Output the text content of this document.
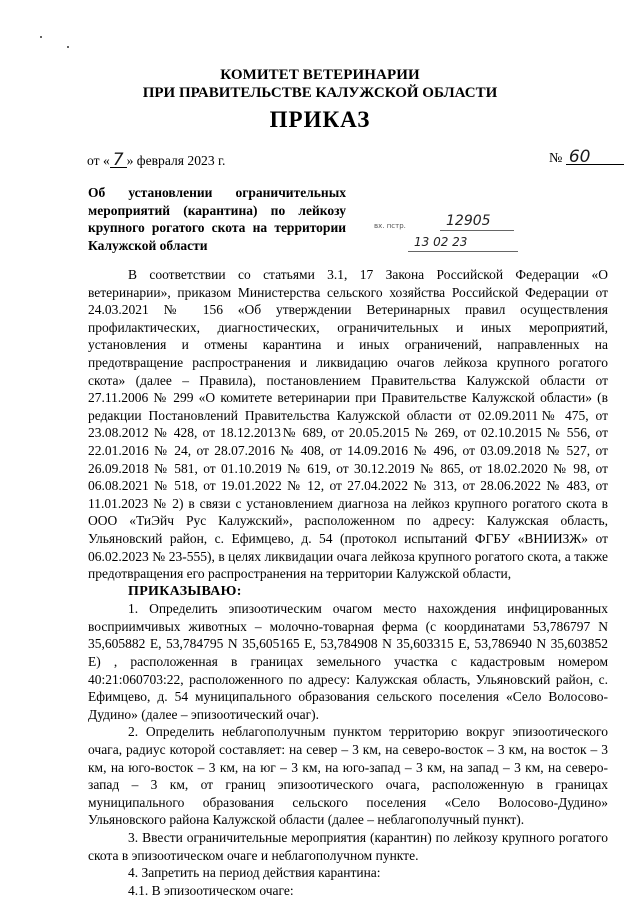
КОМИТЕТ ВЕТЕРИНАРИИ
ПРИ ПРАВИТЕЛЬСТВЕ КАЛУЖСКОЙ ОБЛАСТИ
ПРИКАЗ
от « 7 » февраля 2023 г.	№ 60
Об установлении ограничительных мероприятий (карантина) по лейкозу крупного рогатого скота на территории Калужской области
вх. пстр.	12905
13 02 23

В соответствии со статьями 3.1, 17 Закона Российской Федерации «О ветеринарии», приказом Министерства сельского хозяйства Российской Федерации от 24.03.2021 № 156 «Об утверждении Ветеринарных правил осуществления профилактических, диагностических, ограничительных и иных мероприятий, установления и отмены карантина и иных ограничений, направленных на предотвращение распространения и ликвидацию очагов лейкоза крупного рогатого скота» (далее – Правила), постановлением Правительства Калужской области от 27.11.2006 № 299 «О комитете ветеринарии при Правительстве Калужской области» (в редакции Постановлений Правительства Калужской области от 02.09.2011№ 475, от 23.08.2012 № 428, от 18.12.2013№ 689, от 20.05.2015 № 269, от 02.10.2015 № 556, от 22.01.2016 № 24, от 28.07.2016 № 408, от 14.09.2016 № 496, от 03.09.2018 № 527, от 26.09.2018 № 581, от 01.10.2019 № 619, от 30.12.2019 № 865, от 18.02.2020 № 98, от 06.08.2021 № 518, от 19.01.2022 № 12, от 27.04.2022 № 313, от 28.06.2022 № 483, от 11.01.2023 № 2) в связи с установлением диагноза на лейкоз крупного рогатого скота в ООО «ТиЭйч Рус Калужский», расположенном по адресу: Калужская область, Ульяновский район, с. Ефимцево, д. 54 (протокол испытаний ФГБУ «ВНИИЗЖ» от 06.02.2023 № 23-555), в целях ликвидации очага лейкоза крупного рогатого скота, а также предотвращения его распространения на территории Калужской области,

ПРИКАЗЫВАЮ:

1. Определить эпизоотическим очагом место нахождения инфицированных восприимчивых животных – молочно-товарная ферма (с координатами 53,786797 N 35,605882 E, 53,784795 N 35,605165 E, 53,784908 N 35,603315 E, 53,786940 N 35,603852 E) , расположенная в границах земельного участка с кадастровым номером 40:21:060703:22, расположенного по адресу: Калужская область, Ульяновский район, с. Ефимцево, д. 54 муниципального образования сельского поселения «Село Волосово-Дудино» (далее – эпизоотический очаг).

2. Определить неблагополучным пунктом территорию вокруг эпизоотического очага, радиус которой составляет: на север – 3 км, на северо-восток – 3 км, на восток – 3 км, на юго-восток – 3 км, на юг – 3 км, на юго-запад – 3 км, на запад – 3 км, на северо-запад – 3 км, от границ эпизоотического очага, расположенную в границах муниципального образования сельского поселения «Село Волосово-Дудино» Ульяновского района Калужской области (далее – неблагополучный пункт).

3. Ввести ограничительные мероприятия (карантин) по лейкозу крупного рогатого скота в эпизоотическом очаге и неблагополучном пункте.

4. Запретить на период действия карантина:

4.1. В эпизоотическом очаге:
